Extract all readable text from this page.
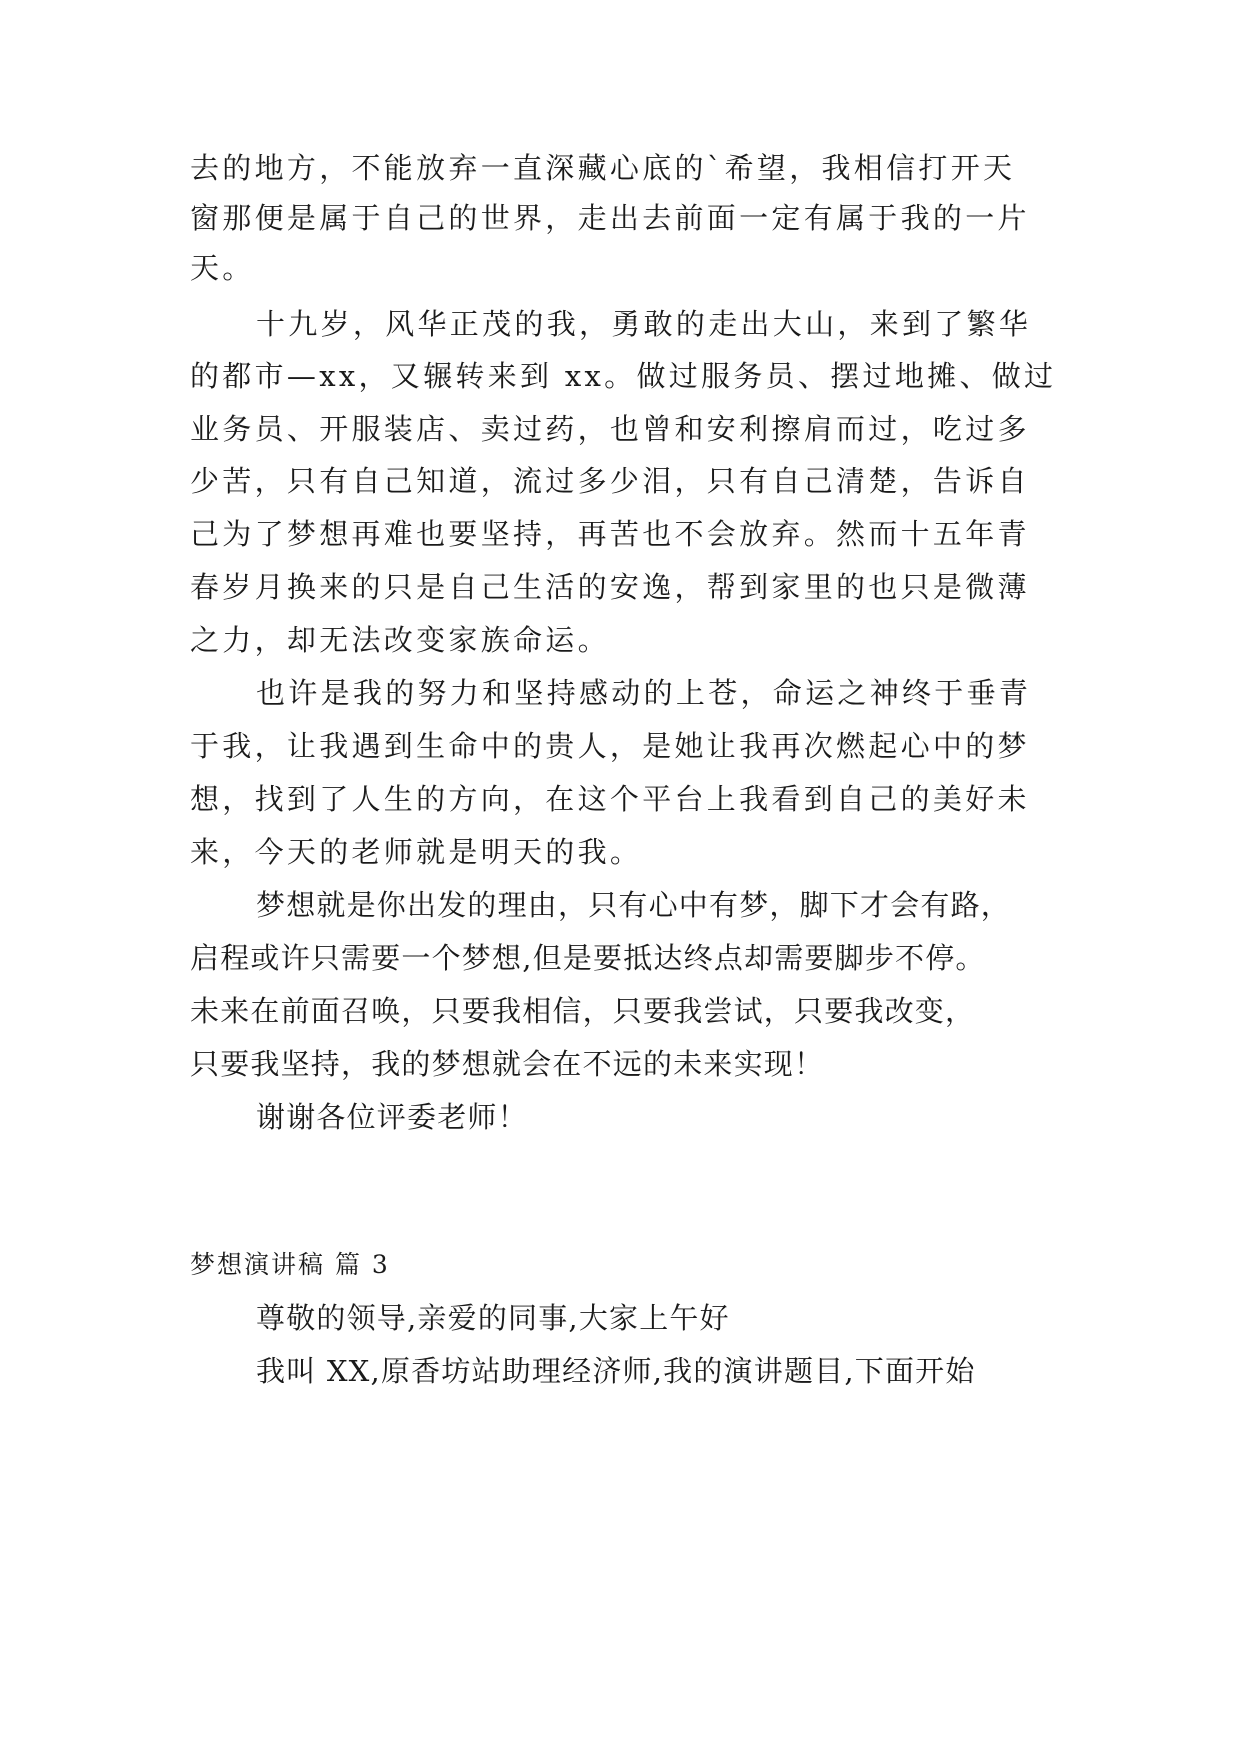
去的地方，不能放弃一直深藏心底的`希望，我相信打开天
窗那便是属于自己的世界，走出去前面一定有属于我的一片
天。
十九岁，风华正茂的我，勇敢的走出大山，来到了繁华
的都市—xx，又辗转来到 xx。做过服务员、摆过地摊、做过
业务员、开服装店、卖过药，也曾和安利擦肩而过，吃过多
少苦，只有自己知道，流过多少泪，只有自己清楚，告诉自
己为了梦想再难也要坚持，再苦也不会放弃。然而十五年青
春岁月换来的只是自己生活的安逸，帮到家里的也只是微薄
之力，却无法改变家族命运。
也许是我的努力和坚持感动的上苍，命运之神终于垂青
于我，让我遇到生命中的贵人，是她让我再次燃起心中的梦
想，找到了人生的方向，在这个平台上我看到自己的美好未
来，今天的老师就是明天的我。
梦想就是你出发的理由，只有心中有梦，脚下才会有路，
启程或许只需要一个梦想,但是要抵达终点却需要脚步不停。
未来在前面召唤，只要我相信，只要我尝试，只要我改变，
只要我坚持，我的梦想就会在不远的未来实现！
谢谢各位评委老师！
梦想演讲稿 篇 3
尊敬的领导,亲爱的同事,大家上午好
我叫 XX,原香坊站助理经济师,我的演讲题目,下面开始
